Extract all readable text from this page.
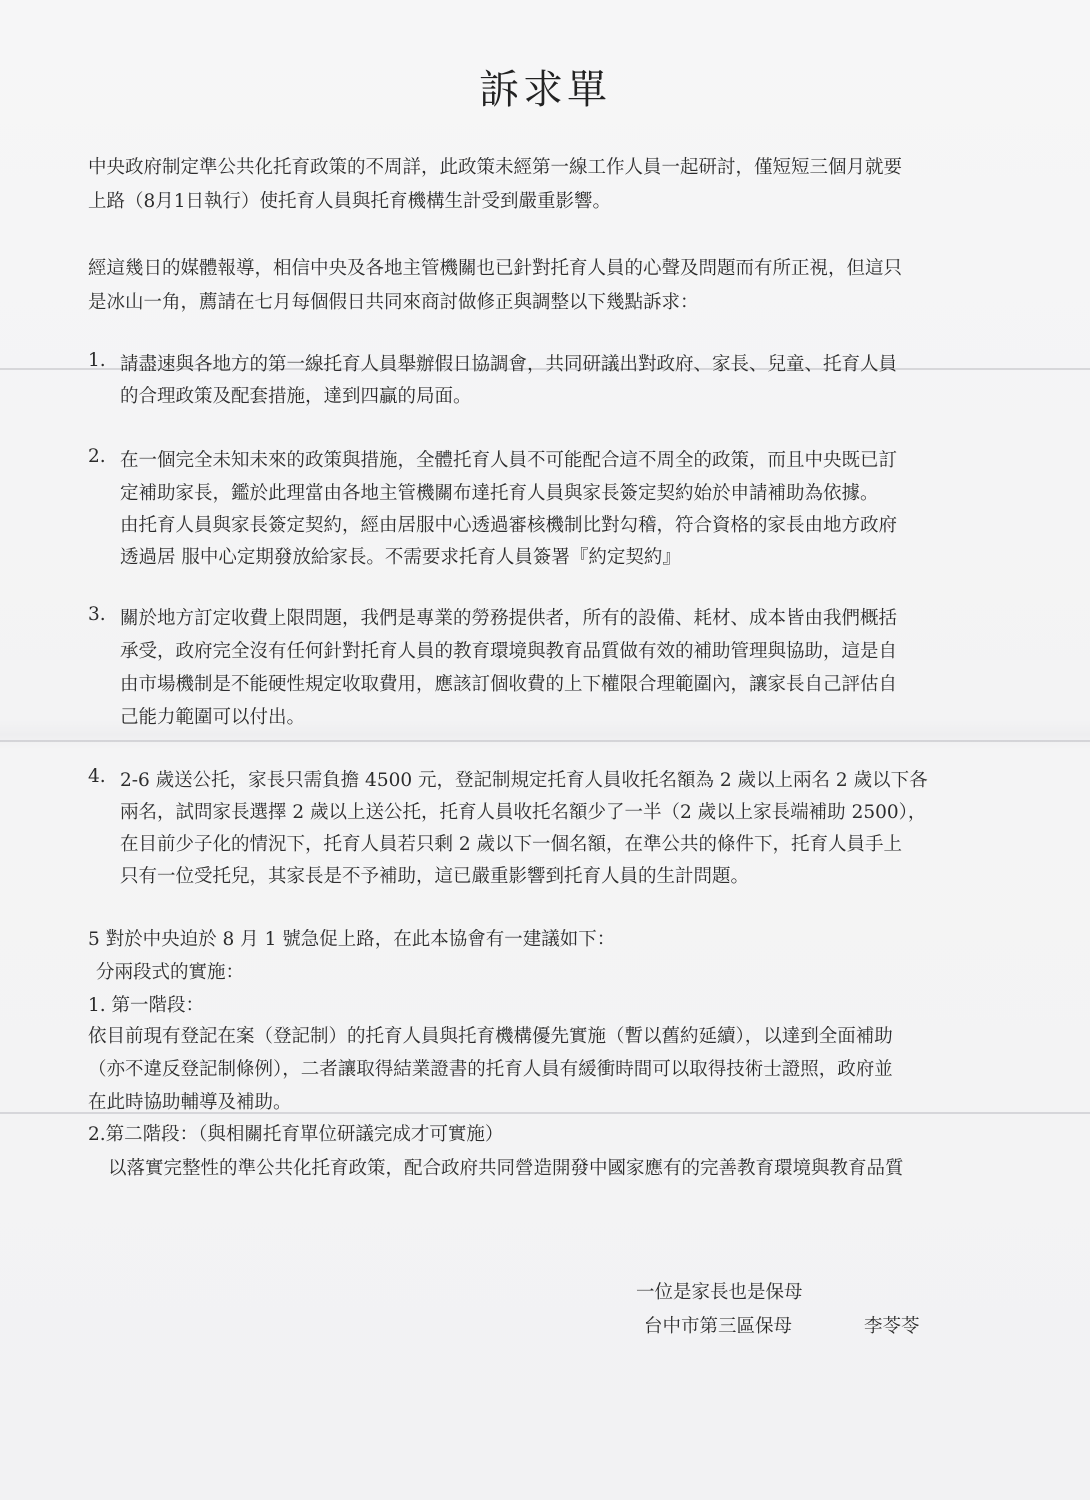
訴求單
中央政府制定準公共化托育政策的不周詳，此政策未經第一線工作人員一起研討，僅短短三個月就要
上路（8月1日執行）使托育人員與托育機構生計受到嚴重影響。
經這幾日的媒體報導，相信中央及各地主管機關也已針對托育人員的心聲及問題而有所正視，但這只
是冰山一角，薦請在七月每個假日共同來商討做修正與調整以下幾點訴求：
1. 請盡速與各地方的第一線托育人員舉辦假日協調會，共同研議出對政府、家長、兒童、托育人員
的合理政策及配套措施，達到四贏的局面。
2. 在一個完全未知未來的政策與措施，全體托育人員不可能配合這不周全的政策，而且中央既已訂
定補助家長，鑑於此理當由各地主管機關布達托育人員與家長簽定契約始於申請補助為依據。
由托育人員與家長簽定契約，經由居服中心透過審核機制比對勾稽，符合資格的家長由地方政府
透過居 服中心定期發放給家長。不需要求托育人員簽署『約定契約』
3. 關於地方訂定收費上限問題，我們是專業的勞務提供者，所有的設備、耗材、成本皆由我們概括
承受，政府完全沒有任何針對托育人員的教育環境與教育品質做有效的補助管理與協助，這是自
由市場機制是不能硬性規定收取費用，應該訂個收費的上下權限合理範圍內，讓家長自己評估自
己能力範圍可以付出。
4. 2-6 歲送公托，家長只需負擔 4500 元，登記制規定托育人員收托名額為 2 歲以上兩名 2 歲以下各
兩名，試問家長選擇 2 歲以上送公托，托育人員收托名額少了一半（2 歲以上家長端補助 2500），
在目前少子化的情況下，托育人員若只剩 2 歲以下一個名額，在準公共的條件下，托育人員手上
只有一位受托兒，其家長是不予補助，這已嚴重影響到托育人員的生計問題。
5 對於中央迫於 8 月 1 號急促上路，在此本協會有一建議如下：
分兩段式的實施：
1. 第一階段：
依目前現有登記在案（登記制）的托育人員與托育機構優先實施（暫以舊約延續），以達到全面補助
（亦不違反登記制條例），二者讓取得結業證書的托育人員有緩衝時間可以取得技術士證照，政府並
在此時協助輔導及補助。
2.第二階段：（與相關托育單位研議完成才可實施）
以落實完整性的準公共化托育政策，配合政府共同營造開發中國家應有的完善教育環境與教育品質
一位是家長也是保母
台中市第三區保母	李苓苓
